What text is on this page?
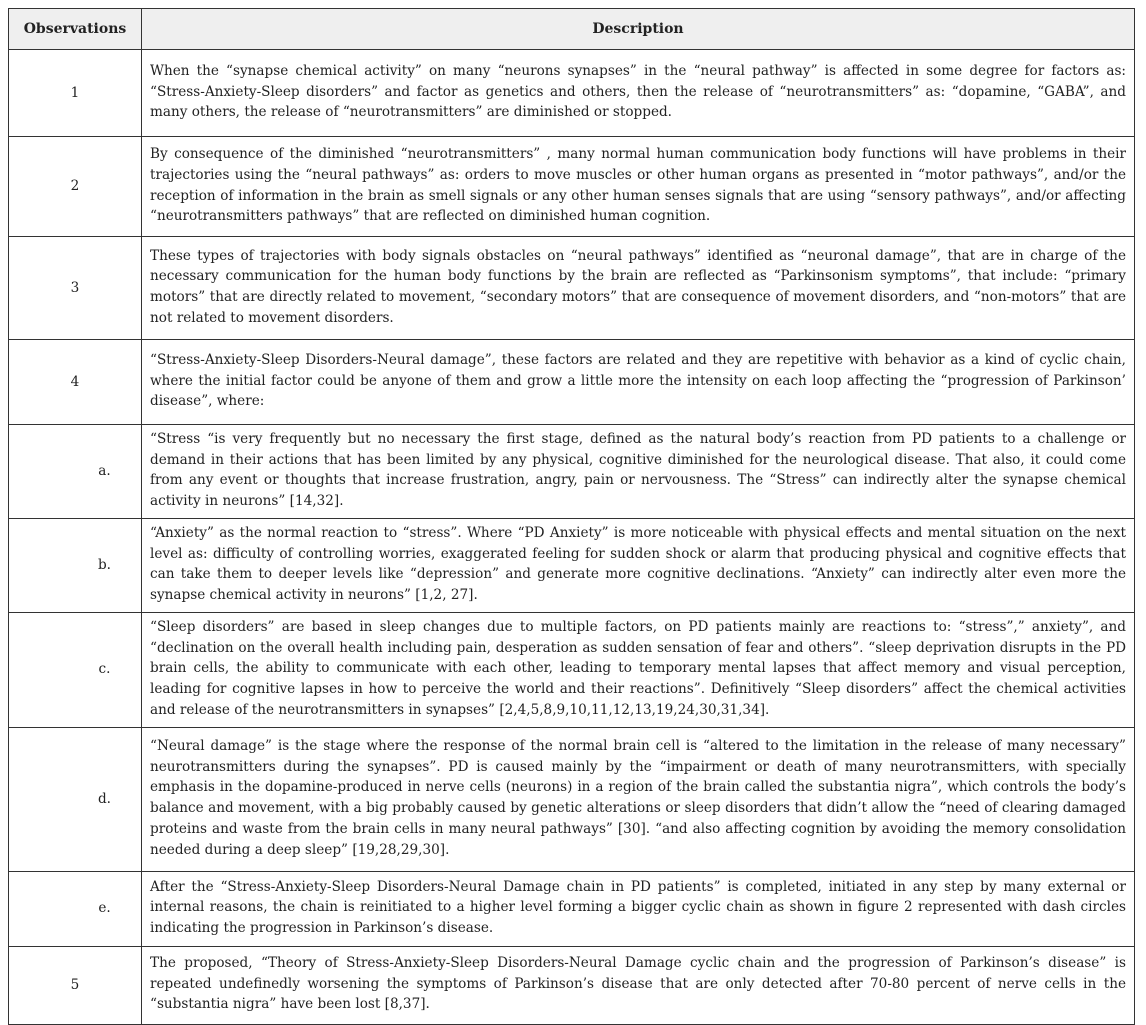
Observations	Description
1	When the “synapse chemical activity” on many “neurons synapses” in the “neural pathway” is affected in some degree for factors as: “Stress-Anxiety-Sleep disorders” and factor as genetics and others, then the release of “neurotransmitters” as: “dopamine, “GABA”, and many others, the release of “neurotransmitters” are diminished or stopped.
2	By consequence of the diminished “neurotransmitters” , many normal human communication body functions will have problems in their trajectories using the “neural pathways” as: orders to move muscles or other human organs as presented in “motor pathways”, and/or the reception of information in the brain as smell signals or any other human senses signals that are using “sensory pathways”, and/or affecting “neurotransmitters pathways” that are reflected on diminished human cognition.
3	These types of trajectories with body signals obstacles on “neural pathways” identified as “neuronal damage”, that are in charge of the necessary communication for the human body functions by the brain are reflected as “Parkinsonism symptoms”, that include: “primary motors” that are directly related to movement, “secondary motors” that are consequence of movement disorders, and “non-motors” that are not related to movement disorders.
4	“Stress-Anxiety-Sleep Disorders-Neural damage”, these factors are related and they are repetitive with behavior as a kind of cyclic chain, where the initial factor could be anyone of them and grow a little more the intensity on each loop affecting the “progression of Parkinson’ disease”, where:
a.	“Stress “is very frequently but no necessary the first stage, defined as the natural body’s reaction from PD patients to a challenge or demand in their actions that has been limited by any physical, cognitive diminished for the neurological disease. That also, it could come from any event or thoughts that increase frustration, angry, pain or nervousness. The “Stress” can indirectly alter the synapse chemical activity in neurons” [14,32].
b.	“Anxiety” as the normal reaction to “stress”. Where “PD Anxiety” is more noticeable with physical effects and mental situation on the next level as: difficulty of controlling worries, exaggerated feeling for sudden shock or alarm that producing physical and cognitive effects that can take them to deeper levels like “depression” and generate more cognitive declinations. “Anxiety” can indirectly alter even more the synapse chemical activity in neurons” [1,2, 27].
c.	“Sleep disorders” are based in sleep changes due to multiple factors, on PD patients mainly are reactions to: “stress”,” anxiety”, and “declination on the overall health including pain, desperation as sudden sensation of fear and others”. “sleep deprivation disrupts in the PD brain cells, the ability to communicate with each other, leading to temporary mental lapses that affect memory and visual perception, leading for cognitive lapses in how to perceive the world and their reactions”. Definitively “Sleep disorders” affect the chemical activities and release of the neurotransmitters in synapses” [2,4,5,8,9,10,11,12,13,19,24,30,31,34].
d.	“Neural damage” is the stage where the response of the normal brain cell is “altered to the limitation in the release of many necessary” neurotransmitters during the synapses”. PD is caused mainly by the “impairment or death of many neurotransmitters, with specially emphasis in the dopamine-produced in nerve cells (neurons) in a region of the brain called the substantia nigra”, which controls the body’s balance and movement, with a big probably caused by genetic alterations or sleep disorders that didn’t allow the “need of clearing damaged proteins and waste from the brain cells in many neural pathways” [30]. “and also affecting cognition by avoiding the memory consolidation needed during a deep sleep” [19,28,29,30].
e.	After the “Stress-Anxiety-Sleep Disorders-Neural Damage chain in PD patients” is completed, initiated in any step by many external or internal reasons, the chain is reinitiated to a higher level forming a bigger cyclic chain as shown in figure 2 represented with dash circles indicating the progression in Parkinson’s disease.
5	The proposed, “Theory of Stress-Anxiety-Sleep Disorders-Neural Damage cyclic chain and the progression of Parkinson’s disease” is repeated undefinedly worsening the symptoms of Parkinson’s disease that are only detected after 70-80 percent of nerve cells in the “substantia nigra” have been lost [8,37].
